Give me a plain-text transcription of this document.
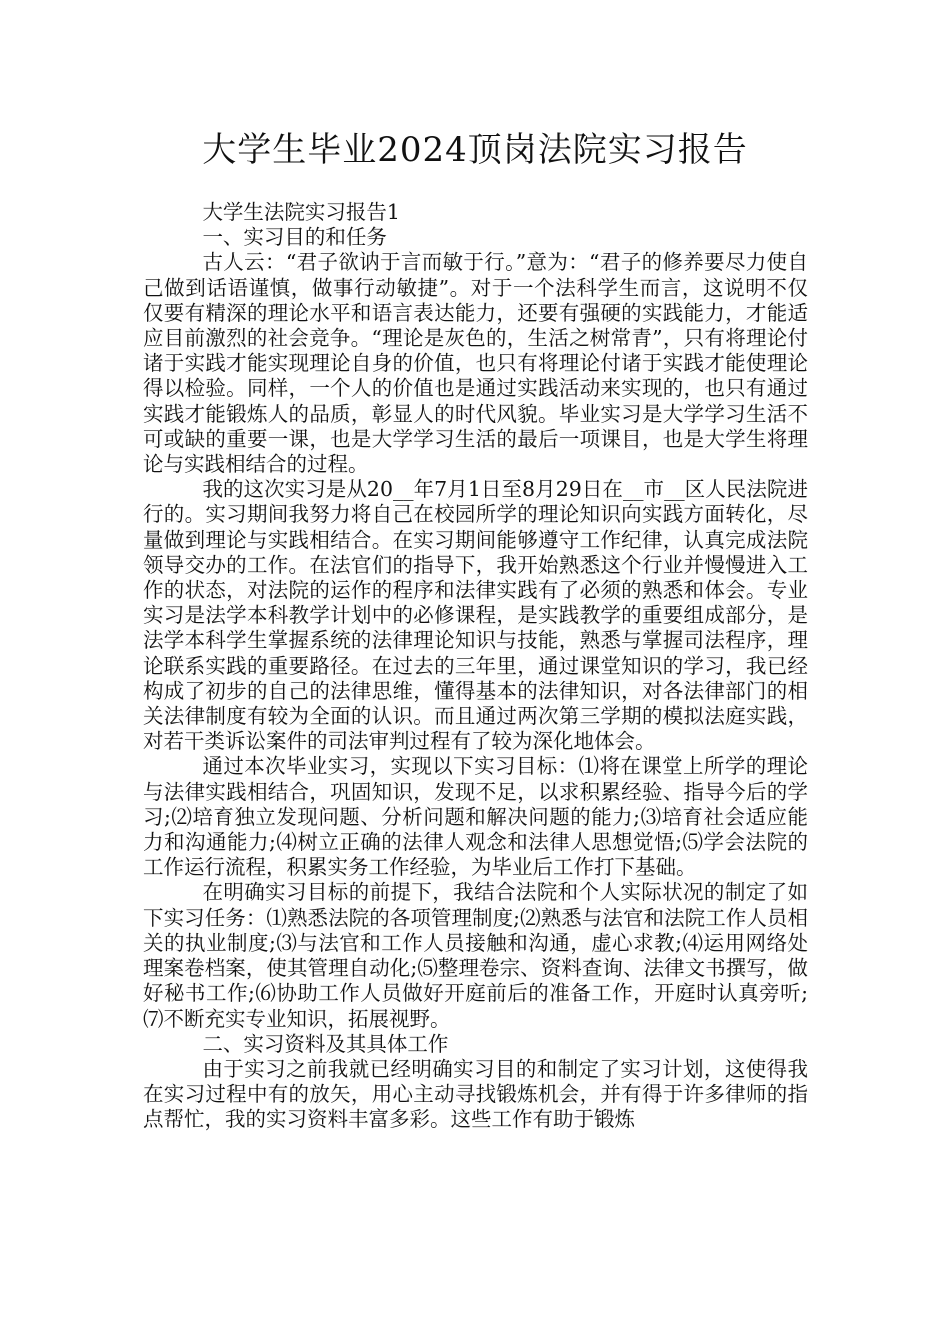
大学生毕业2024顶岗法院实习报告

大学生法院实习报告1

一、实习目的和任务

古人云：“君子欲讷于言而敏于行。”意为：“君子的修养要尽力使自己做到话语谨慎，做事行动敏捷”。对于一个法科学生而言，这说明不仅仅要有精深的理论水平和语言表达能力，还要有强硬的实践能力，才能适应目前激烈的社会竞争。“理论是灰色的，生活之树常青”，只有将理论付诸于实践才能实现理论自身的价值，也只有将理论付诸于实践才能使理论得以检验。同样，一个人的价值也是通过实践活动来实现的，也只有通过实践才能锻炼人的品质，彰显人的时代风貌。毕业实习是大学学习生活不可或缺的重要一课，也是大学学习生活的最后一项课目，也是大学生将理论与实践相结合的过程。

我的这次实习是从20__年7月1日至8月29日在__市__区人民法院进行的。实习期间我努力将自己在校园所学的理论知识向实践方面转化，尽量做到理论与实践相结合。在实习期间能够遵守工作纪律，认真完成法院领导交办的工作。在法官们的指导下，我开始熟悉这个行业并慢慢进入工作的状态，对法院的运作的程序和法律实践有了必须的熟悉和体会。专业实习是法学本科教学计划中的必修课程，是实践教学的重要组成部分，是法学本科学生掌握系统的法律理论知识与技能，熟悉与掌握司法程序，理论联系实践的重要路径。在过去的三年里，通过课堂知识的学习，我已经构成了初步的自己的法律思维，懂得基本的法律知识，对各法律部门的相关法律制度有较为全面的认识。而且通过两次第三学期的模拟法庭实践，对若干类诉讼案件的司法审判过程有了较为深化地体会。

通过本次毕业实习，实现以下实习目标：⑴将在课堂上所学的理论与法律实践相结合，巩固知识，发现不足，以求积累经验、指导今后的学习;⑵培育独立发现问题、分析问题和解决问题的能力;⑶培育社会适应能力和沟通能力;⑷树立正确的法律人观念和法律人思想觉悟;⑸学会法院的工作运行流程，积累实务工作经验，为毕业后工作打下基础。

在明确实习目标的前提下，我结合法院和个人实际状况的制定了如下实习任务：⑴熟悉法院的各项管理制度;⑵熟悉与法官和法院工作人员相关的执业制度;⑶与法官和工作人员接触和沟通，虚心求教;⑷运用网络处理案卷档案，使其管理自动化;⑸整理卷宗、资料查询、法律文书撰写，做好秘书工作;⑹协助工作人员做好开庭前后的准备工作，开庭时认真旁听;⑺不断充实专业知识，拓展视野。

二、实习资料及其具体工作

由于实习之前我就已经明确实习目的和制定了实习计划，这使得我在实习过程中有的放矢，用心主动寻找锻炼机会，并有得于许多律师的指点帮忙，我的实习资料丰富多彩。这些工作有助于锻炼
